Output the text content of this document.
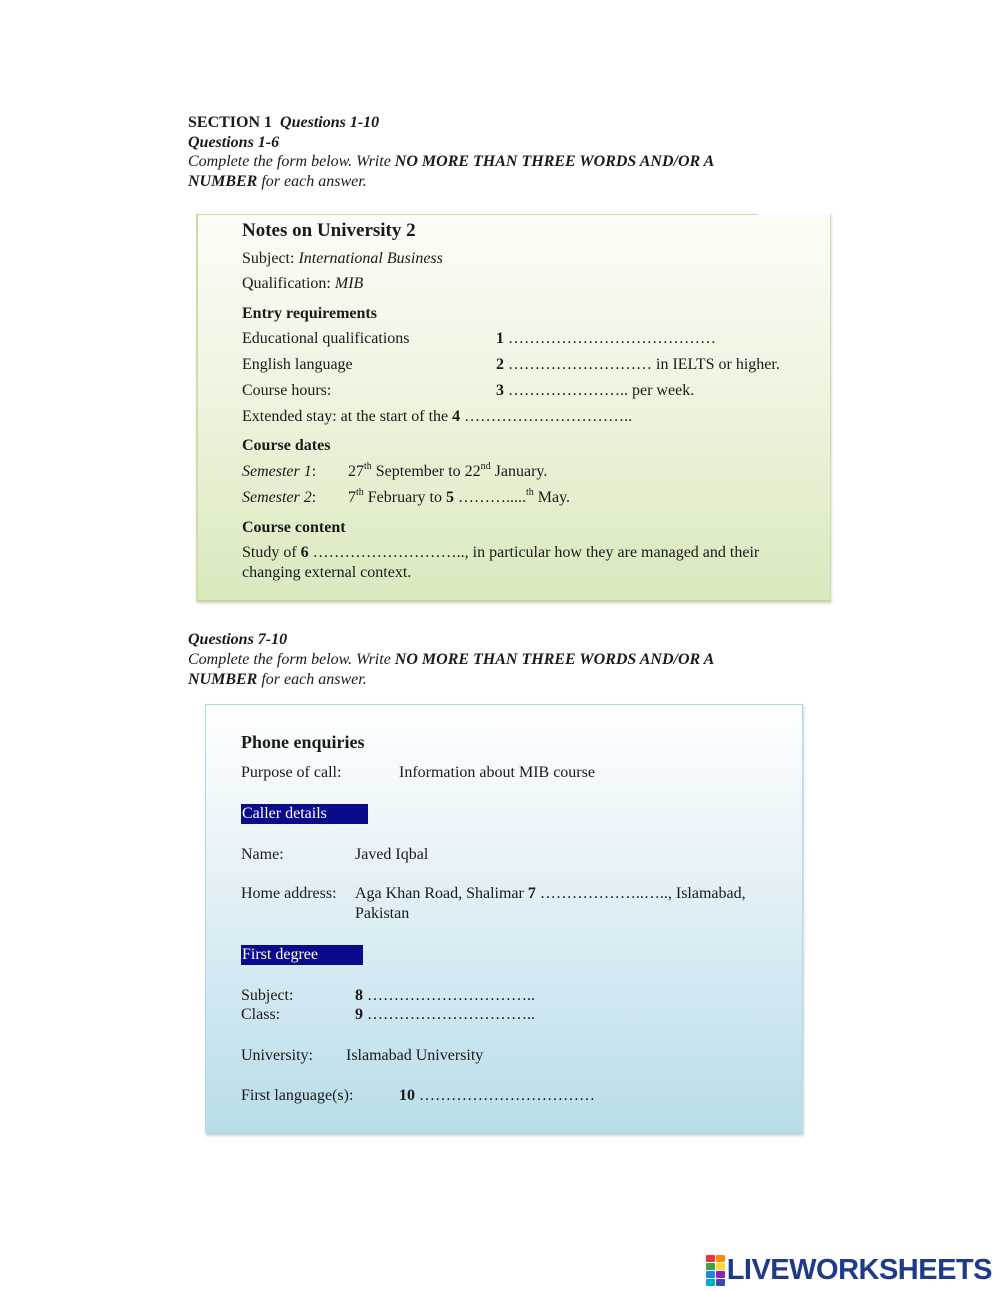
SECTION 1 Questions 1-10
Questions 1-6
Complete the form below. Write NO MORE THAN THREE WORDS AND/OR A
NUMBER for each answer.
Notes on University 2
Subject: International Business
Qualification: MIB
Entry requirements
Educational qualifications	1 …………………………………
English language	2 ……………………… in IELTS or higher.
Course hours:	3 ………………….. per week.
Extended stay: at the start of the 4 …………………………..
Course dates
Semester 1: 27th September to 22nd January.
Semester 2: 7th February to 5 ……….....$^{th}$ May.
Course content
Study of 6 ……………………….., in particular how they are managed and their
changing external context.
Questions 7-10
Complete the form below. Write NO MORE THAN THREE WORDS AND/OR A
NUMBER for each answer.
Phone enquiries
Purpose of call:	Information about MIB course
Caller details
Name:	Javed Iqbal
Home address: Aga Khan Road, Shalimar 7 ………………..….., Islamabad,
Pakistan
First degree
Subject:	8 …………………………..
Class:	9 …………………………..
University: Islamabad University
First language(s):	10 ……………………………
LIVEWORKSHEETS
